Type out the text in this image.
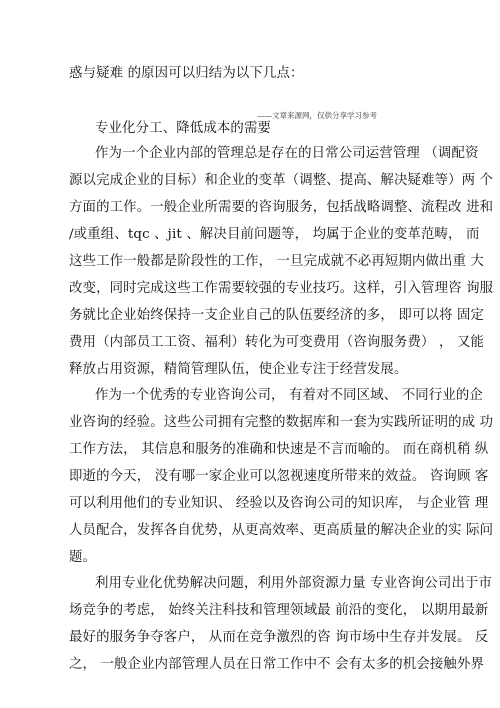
惑与疑难 的原因可以归结为以下几点：
——文章来源网，仅供分享学习参考
专业化分工、降低成本的需要
作为一个企业内部的管理总是存在的日常公司运营管理 （调配资
源以完成企业的目标）和企业的变革（调整、提高、解决疑难等）两 个
方面的工作。一般企业所需要的咨询服务，包括战略调整、流程改 进和
/或重组、tqc 、jit 、解决目前问题等， 均属于企业的变革范畴， 而
这些工作一般都是阶段性的工作， 一旦完成就不必再短期内做出重 大
改变，同时完成这些工作需要较强的专业技巧。这样，引入管理咨 询服
务就比企业始终保持一支企业自己的队伍要经济的多， 即可以将 固定
费用（内部员工工资、福利）转化为可变费用（咨询服务费） ， 又能
释放占用资源，精简管理队伍，使企业专注于经营发展。
作为一个优秀的专业咨询公司， 有着对不同区域、 不同行业的企
业咨询的经验。这些公司拥有完整的数据库和一套为实践所证明的成 功
工作方法， 其信息和服务的准确和快速是不言而喻的。 而在商机稍 纵
即逝的今天， 没有哪一家企业可以忽视速度所带来的效益。 咨询顾 客
可以利用他们的专业知识、 经验以及咨询公司的知识库， 与企业管 理
人员配合，发挥各自优势，从更高效率、更高质量的解决企业的实 际问
题。
利用专业化优势解决问题，利用外部资源力量 专业咨询公司出于市
场竞争的考虑， 始终关注科技和管理领域最 前沿的变化， 以期用最新
最好的服务争夺客户， 从而在竞争激烈的咨 询市场中生存并发展。 反
之， 一般企业内部管理人员在日常工作中不 会有太多的机会接触外界
